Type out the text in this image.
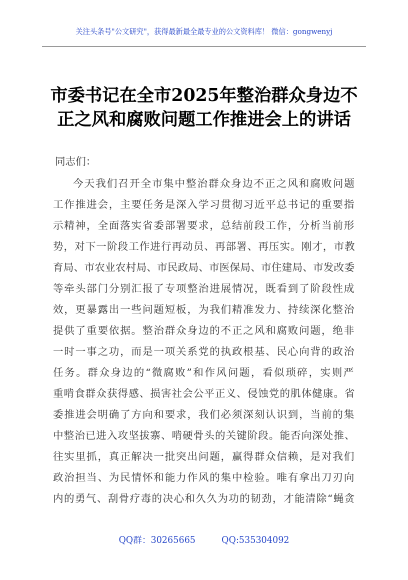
关注头条号"公文研究"，获得最新最全最专业的公文资料库！ 微信：gongwenyj
市委书记在全市2025年整治群众身边不
正之风和腐败问题工作推进会上的讲话
同志们：
今天我们召开全市集中整治群众身边不正之风和腐败问题
工作推进会，主要任务是深入学习贯彻习近平总书记的重要指
示精神，全面落实省委部署要求，总结前段工作，分析当前形
势，对下一阶段工作进行再动员、再部署、再压实。刚才，市教
育局、市农业农村局、市民政局、市医保局、市住建局、市发改委
等牵头部门分别汇报了专项整治进展情况，既看到了阶段性成
效，更暴露出一些问题短板，为我们精准发力、持续深化整治
提供了重要依据。整治群众身边的不正之风和腐败问题，绝非
一时一事之功，而是一项关系党的执政根基、民心向背的政治
任务。群众身边的“微腐败”和作风问题，看似琐碎，实则严
重啃食群众获得感、损害社会公平正义、侵蚀党的肌体健康。省
委推进会明确了方向和要求，我们必须深刻认识到，当前的集
中整治已进入攻坚拔寨、啃硬骨头的关键阶段。能否向深处推、
往实里抓，真正解决一批突出问题，赢得群众信赖，是对我们
政治担当、为民情怀和能力作风的集中检验。唯有拿出刀刃向
内的勇气、刮骨疗毒的决心和久久为功的韧劲，才能清除“蝇贪
QQ群：30265665	QQ:535304092
